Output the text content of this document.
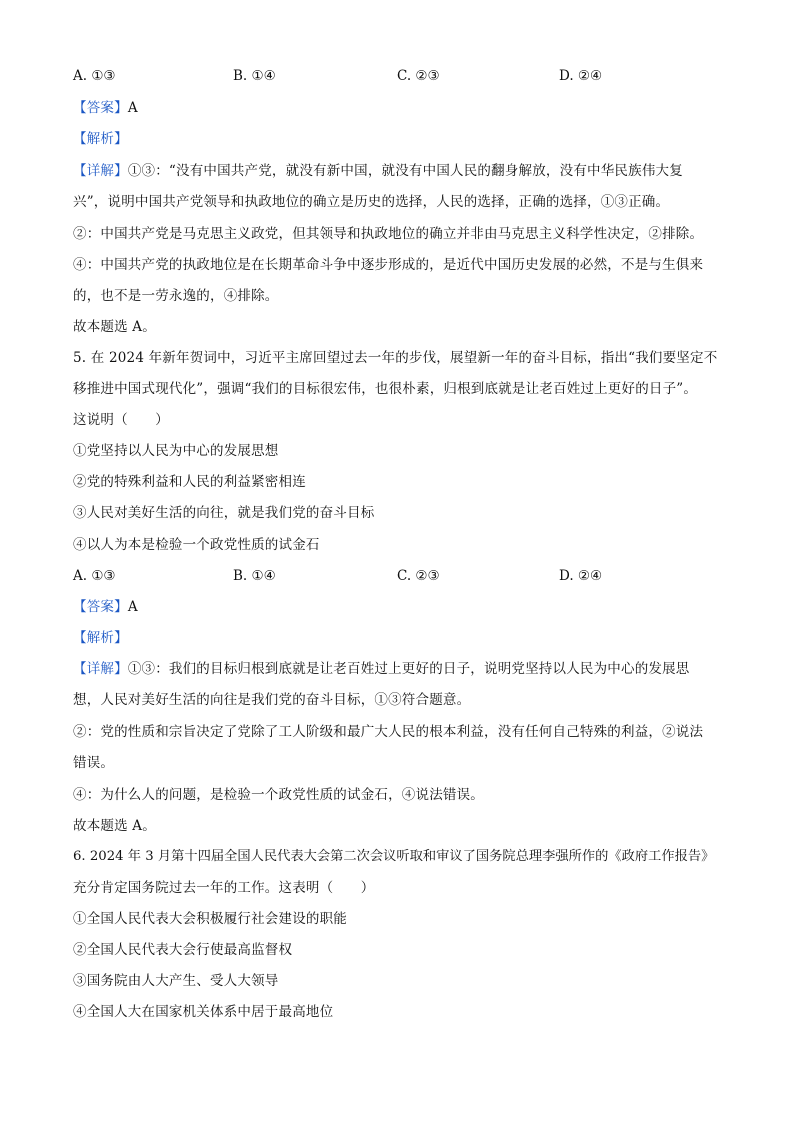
A. ①③	B. ①④	C. ②③	D. ②④
【答案】A
【解析】
【详解】①③：“没有中国共产党，就没有新中国，就没有中国人民的翻身解放，没有中华民族伟大复
兴”，说明中国共产党领导和执政地位的确立是历史的选择，人民的选择，正确的选择，①③正确。
②：中国共产党是马克思主义政党，但其领导和执政地位的确立并非由马克思主义科学性决定，②排除。
④：中国共产党的执政地位是在长期革命斗争中逐步形成的，是近代中国历史发展的必然，不是与生俱来
的，也不是一劳永逸的，④排除。
故本题选 A。
5. 在 2024 年新年贺词中，习近平主席回望过去一年的步伐，展望新一年的奋斗目标，指出“我们要坚定不
移推进中国式现代化”，强调“我们的目标很宏伟，也很朴素，归根到底就是让老百姓过上更好的日子”。
这说明（　　）
①党坚持以人民为中心的发展思想
②党的特殊利益和人民的利益紧密相连
③人民对美好生活的向往，就是我们党的奋斗目标
④以人为本是检验一个政党性质的试金石
A. ①③	B. ①④	C. ②③	D. ②④
【答案】A
【解析】
【详解】①③：我们的目标归根到底就是让老百姓过上更好的日子，说明党坚持以人民为中心的发展思
想，人民对美好生活的向往是我们党的奋斗目标，①③符合题意。
②：党的性质和宗旨决定了党除了工人阶级和最广大人民的根本利益，没有任何自己特殊的利益，②说法
错误。
④：为什么人的问题，是检验一个政党性质的试金石，④说法错误。
故本题选 A。
6. 2024 年 3 月第十四届全国人民代表大会第二次会议听取和审议了国务院总理李强所作的《政府工作报告》
充分肯定国务院过去一年的工作。这表明（　　）
①全国人民代表大会积极履行社会建设的职能
②全国人民代表大会行使最高监督权
③国务院由人大产生、受人大领导
④全国人大在国家机关体系中居于最高地位
